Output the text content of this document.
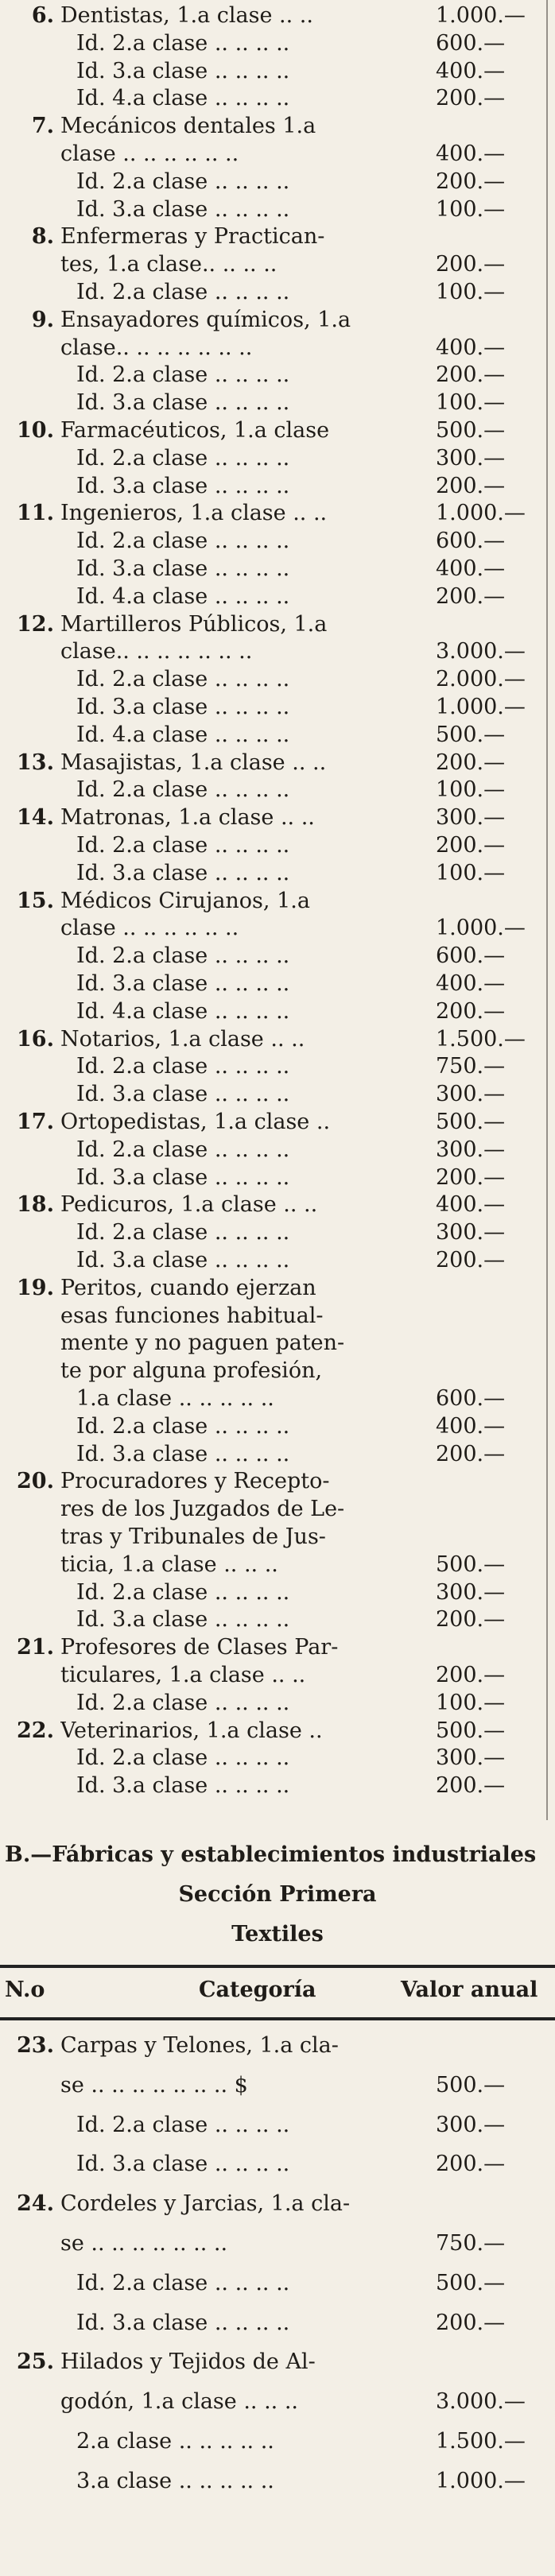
6. Dentistas, 1.a clase .. ..	1.000.—
Id. 2.a clase .. .. .. ..	600.—
Id. 3.a clase .. .. .. ..	400.—
Id. 4.a clase .. .. .. ..	200.—
7. Mecánicos dentales 1.a
clase .. .. .. .. .. ..	400.—
Id. 2.a clase .. .. .. ..	200.—
Id. 3.a clase .. .. .. ..	100.—
8. Enfermeras y Practican-
tes, 1.a clase.. .. .. ..	200.—
Id. 2.a clase .. .. .. ..	100.—
9. Ensayadores químicos, 1.a
clase.. .. .. .. .. .. ..	400.—
Id. 2.a clase .. .. .. ..	200.—
Id. 3.a clase .. .. .. ..	100.—
10. Farmacéuticos, 1.a clase	500.—
Id. 2.a clase .. .. .. ..	300.—
Id. 3.a clase .. .. .. ..	200.—
11. Ingenieros, 1.a clase .. ..	1.000.—
Id. 2.a clase .. .. .. ..	600.—
Id. 3.a clase .. .. .. ..	400.—
Id. 4.a clase .. .. .. ..	200.—
12. Martilleros Públicos, 1.a
clase.. .. .. .. .. .. ..	3.000.—
Id. 2.a clase .. .. .. ..	2.000.—
Id. 3.a clase .. .. .. ..	1.000.—
Id. 4.a clase .. .. .. ..	500.—
13. Masajistas, 1.a clase .. ..	200.—
Id. 2.a clase .. .. .. ..	100.—
14. Matronas, 1.a clase .. ..	300.—
Id. 2.a clase .. .. .. ..	200.—
Id. 3.a clase .. .. .. ..	100.—
15. Médicos Cirujanos, 1.a
clase .. .. .. .. .. ..	1.000.—
Id. 2.a clase .. .. .. ..	600.—
Id. 3.a clase .. .. .. ..	400.—
Id. 4.a clase .. .. .. ..	200.—
16. Notarios, 1.a clase .. ..	1.500.—
Id. 2.a clase .. .. .. ..	750.—
Id. 3.a clase .. .. .. ..	300.—
17. Ortopedistas, 1.a clase ..	500.—
Id. 2.a clase .. .. .. ..	300.—
Id. 3.a clase .. .. .. ..	200.—
18. Pedicuros, 1.a clase .. ..	400.—
Id. 2.a clase .. .. .. ..	300.—
Id. 3.a clase .. .. .. ..	200.—
19. Peritos, cuando ejerzan
esas funciones habitual-
mente y no paguen paten-
te por alguna profesión,
1.a clase .. .. .. .. ..	600.—
Id. 2.a clase .. .. .. ..	400.—
Id. 3.a clase .. .. .. ..	200.—
20. Procuradores y Recepto-
res de los Juzgados de Le-
tras y Tribunales de Jus-
ticia, 1.a clase .. .. ..	500.—
Id. 2.a clase .. .. .. ..	300.—
Id. 3.a clase .. .. .. ..	200.—
21. Profesores de Clases Par-
ticulares, 1.a clase .. ..	200.—
Id. 2.a clase .. .. .. ..	100.—
22. Veterinarios, 1.a clase ..	500.—
Id. 2.a clase .. .. .. ..	300.—
Id. 3.a clase .. .. .. ..	200.—
B.—Fábricas y establecimientos industriales
Sección Primera
Textiles
N.o	Categoría	Valor anual
23. Carpas y Telones, 1.a cla-
se .. .. .. .. .. .. .. $	500.—
Id. 2.a clase .. .. .. ..	300.—
Id. 3.a clase .. .. .. ..	200.—
24. Cordeles y Jarcias, 1.a cla-
se .. .. .. .. .. .. ..	750.—
Id. 2.a clase .. .. .. ..	500.—
Id. 3.a clase .. .. .. ..	200.—
25. Hilados y Tejidos de Al-
godón, 1.a clase .. .. ..	3.000.—
2.a clase .. .. .. .. ..	1.500.—
3.a clase .. .. .. .. ..	1.000.—
